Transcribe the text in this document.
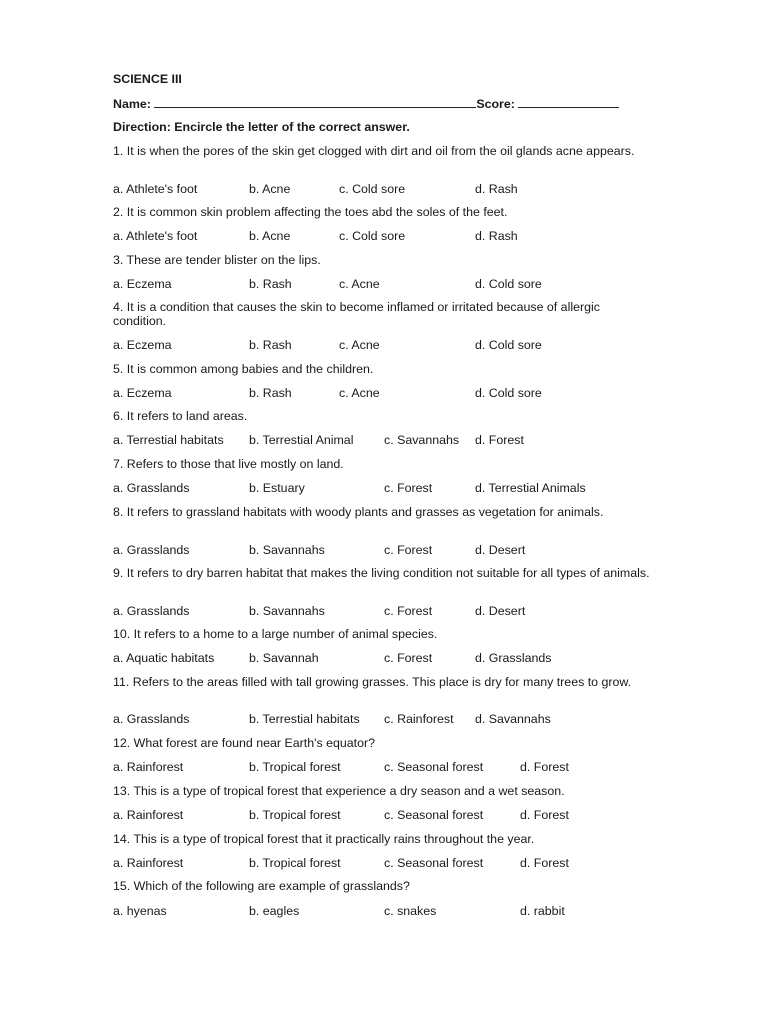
SCIENCE III
Name:	Score:
Direction: Encircle the letter of the correct answer.
1. It is when the pores of the skin get clogged with dirt and oil from the oil glands acne appears.
a. Athlete's foot	b. Acne	c. Cold sore	d. Rash
2. It is common skin problem affecting the toes abd the soles of the feet.
a. Athlete's foot	b. Acne	c. Cold sore	d. Rash
3. These are tender blister on the lips.
a. Eczema	b. Rash	c. Acne	d. Cold sore
4. It is a condition that causes the skin to become inflamed or irritated because of allergic condition.
a. Eczema	b. Rash	c. Acne	d. Cold sore
5. It is common among babies and the children.
a. Eczema	b. Rash	c. Acne	d. Cold sore
6. It refers to land areas.
a. Terrestial habitats b. Terrestial Animal c. Savannahs d. Forest
7. Refers to those that live mostly on land.
a. Grasslands	b. Estuary	c. Forest	d. Terrestial Animals
8. It refers to grassland habitats with woody plants and grasses as vegetation for animals.
a. Grasslands	b. Savannahs	c. Forest	d. Desert
9. It refers to dry barren habitat that makes the living condition not suitable for all types of animals.
a. Grasslands	b. Savannahs	c. Forest	d. Desert
10. It refers to a home to a large number of animal species.
a. Aquatic habitats	b. Savannah	c. Forest	d. Grasslands
11. Refers to the areas filled with tall growing grasses. This place is dry for many trees to grow.
a. Grasslands	b. Terrestial habitats c. Rainforest d. Savannahs
12. What forest are found near Earth's equator?
a. Rainforest	b. Tropical forest	c. Seasonal forest	d. Forest
13. This is a type of tropical forest that experience a dry season and a wet season.
a. Rainforest	b. Tropical forest	c. Seasonal forest	d. Forest
14. This is a type of tropical forest that it practically rains throughout the year.
a. Rainforest	b. Tropical forest	c. Seasonal forest	d. Forest
15. Which of the following are example of grasslands?
a. hyenas	b. eagles	c. snakes	d. rabbit
